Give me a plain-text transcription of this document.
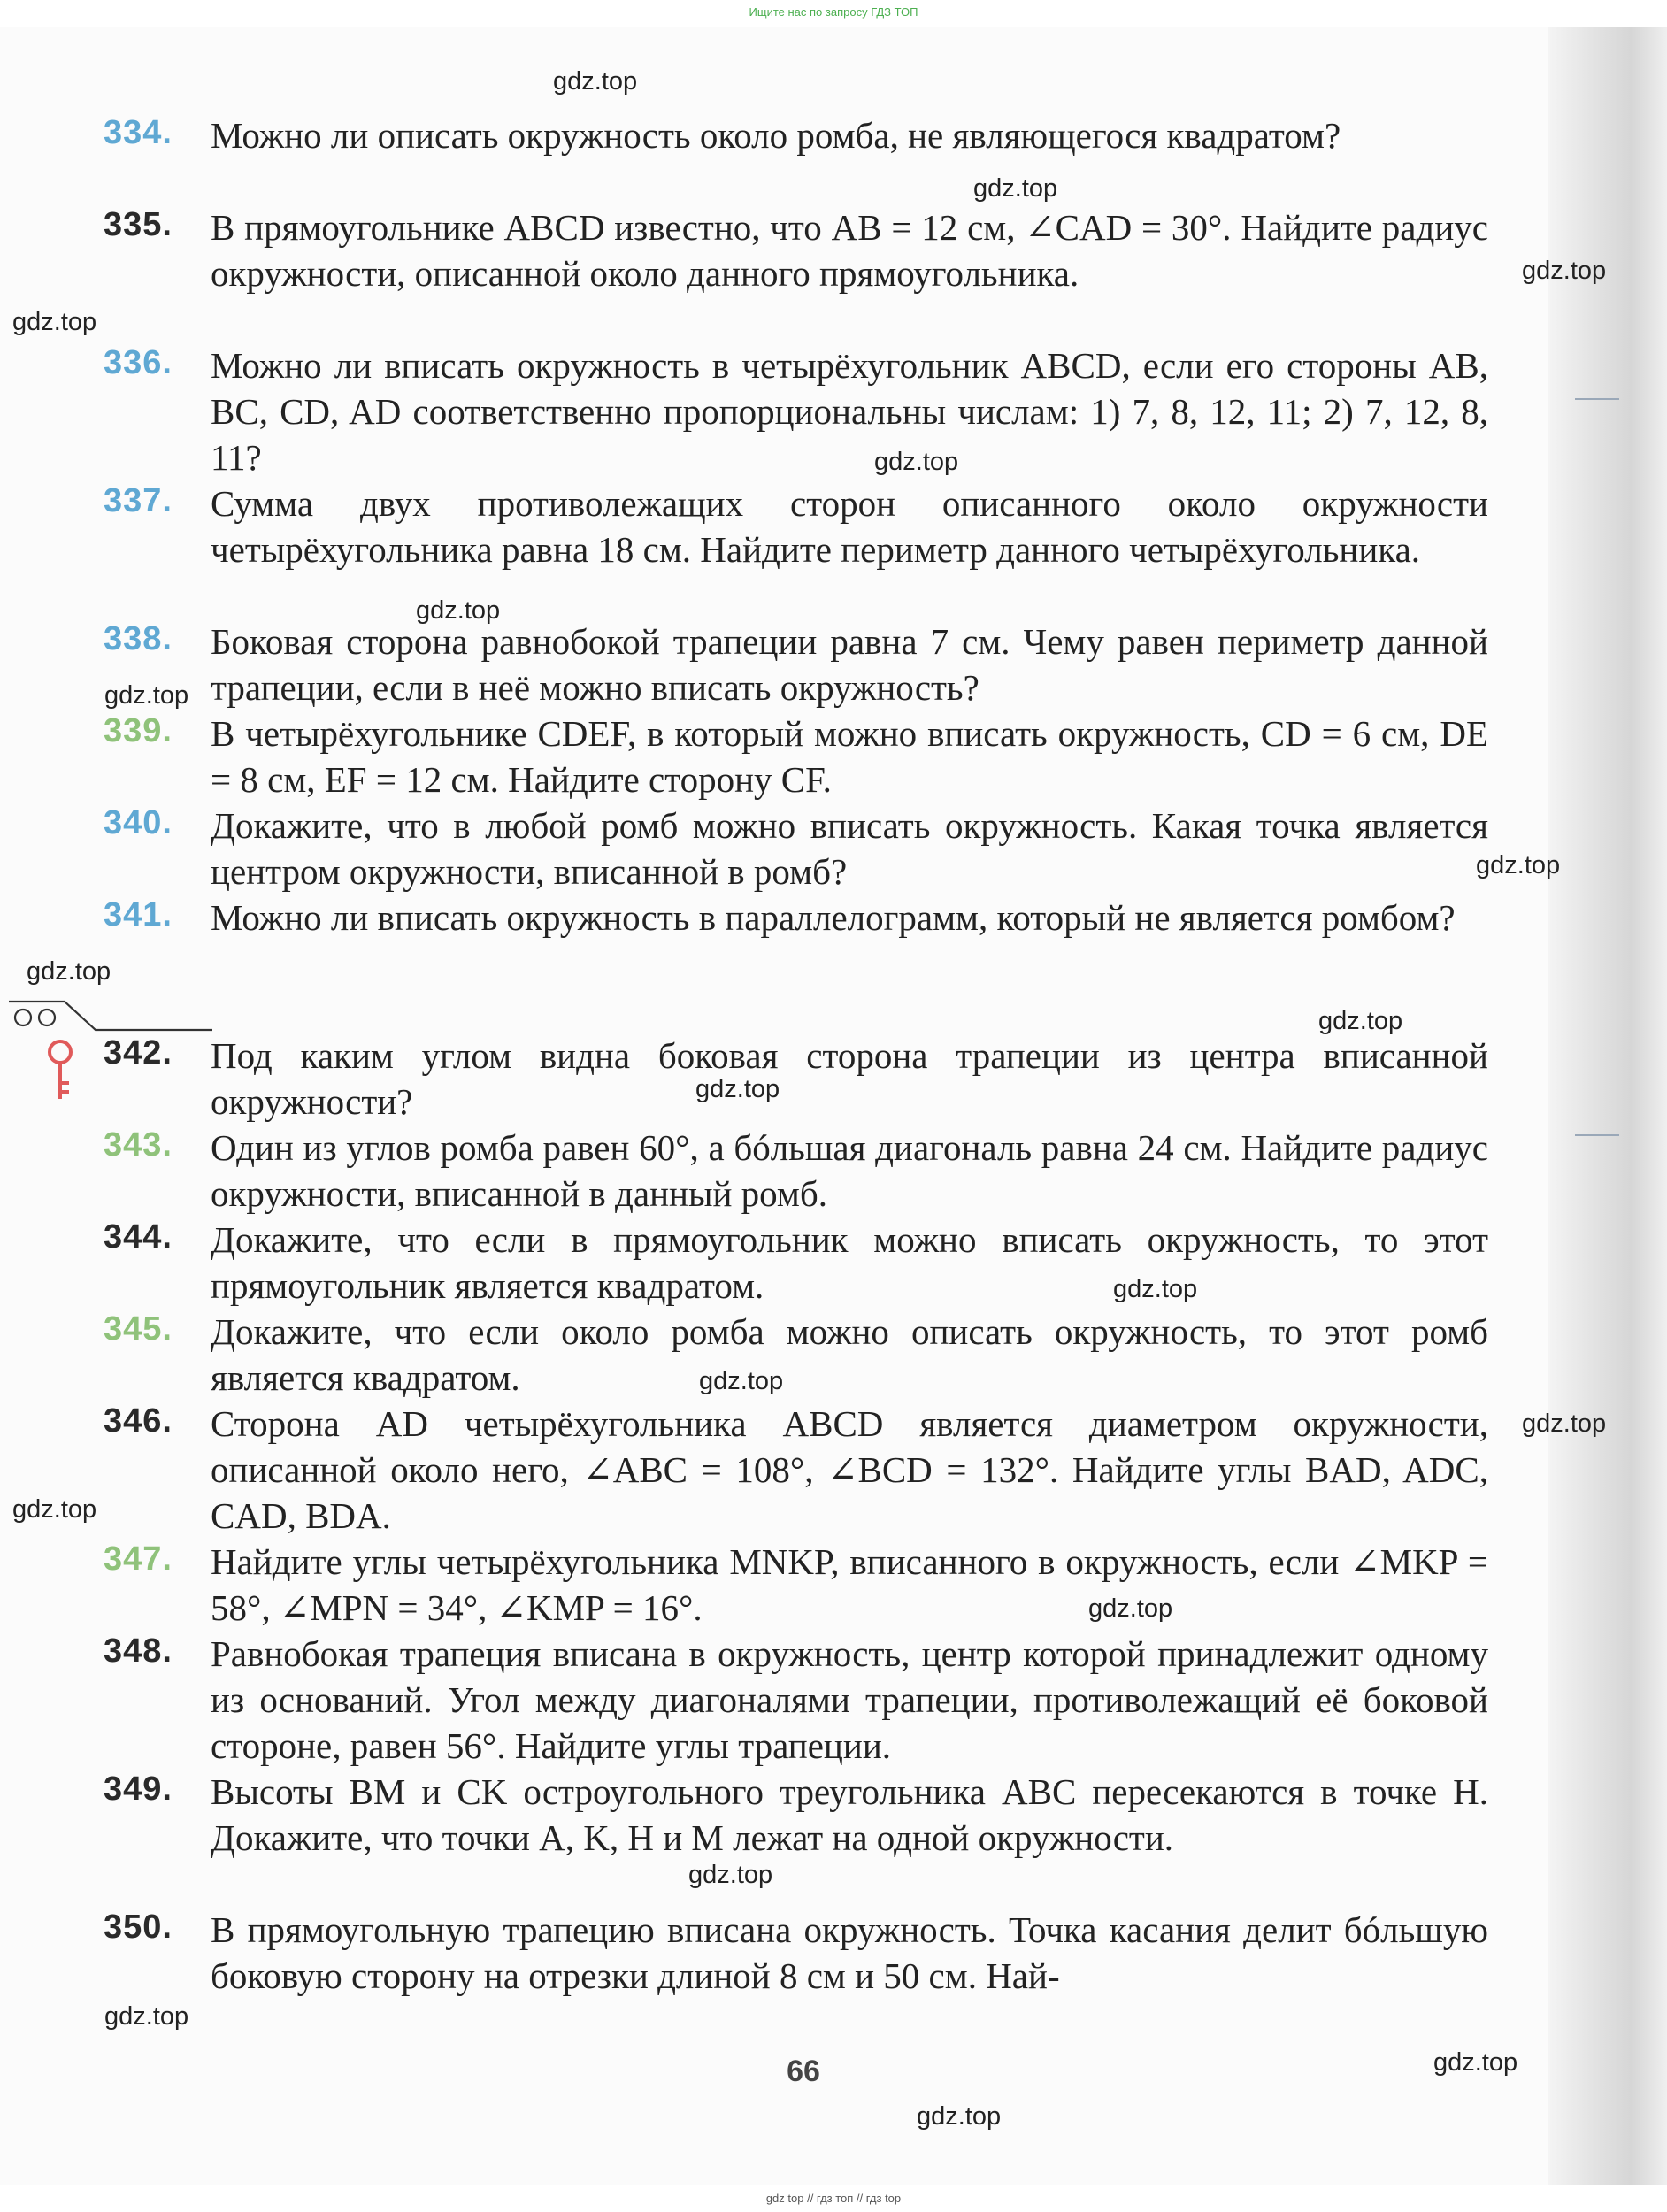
Ищите нас по запросу ГДЗ ТОП
334.	Можно ли описать окружность около ромба, не являющегося квадратом?
335.	В прямоугольнике ABCD известно, что AB = 12 см, ∠CAD = 30°. Найдите радиус окружности, описанной около данного прямоугольника.
336.	Можно ли вписать окружность в четырёхугольник ABCD, если его стороны AB, BC, CD, AD соответственно пропорциональны числам: 1) 7, 8, 12, 11; 2) 7, 12, 8, 11?
337.	Сумма двух противолежащих сторон описанного около окружности четырёхугольника равна 18 см. Найдите периметр данного четырёхугольника.
338.	Боковая сторона равнобокой трапеции равна 7 см. Чему равен периметр данной трапеции, если в неё можно вписать окружность?
339.	В четырёхугольнике CDEF, в который можно вписать окружность, CD = 6 см, DE = 8 см, EF = 12 см. Найдите сторону CF.
340.	Докажите, что в любой ромб можно вписать окружность. Какая точка является центром окружности, вписанной в ромб?
341.	Можно ли вписать окружность в параллелограмм, который не является ромбом?
342.	Под каким углом видна боковая сторона трапеции из центра вписанной окружности?
343.	Один из углов ромба равен 60°, а бóльшая диагональ равна 24 см. Найдите радиус окружности, вписанной в данный ромб.
344.	Докажите, что если в прямоугольник можно вписать окружность, то этот прямоугольник является квадратом.
345.	Докажите, что если около ромба можно описать окружность, то этот ромб является квадратом.
346.	Сторона AD четырёхугольника ABCD является диаметром окружности, описанной около него, ∠ABC = 108°, ∠BCD = 132°. Найдите углы BAD, ADC, CAD, BDA.
347.	Найдите углы четырёхугольника MNKP, вписанного в окружность, если ∠MKP = 58°, ∠MPN = 34°, ∠KMP = 16°.
348.	Равнобокая трапеция вписана в окружность, центр которой принадлежит одному из оснований. Угол между диагоналями трапеции, противолежащий её боковой стороне, равен 56°. Найдите углы трапеции.
349.	Высоты BM и CK остроугольного треугольника ABC пересекаются в точке H. Докажите, что точки A, K, H и M лежат на одной окружности.
350.	В прямоугольную трапецию вписана окружность. Точка касания делит бóльшую боковую сторону на отрезки длиной 8 см и 50 см. Най-
66
gdz.top
gdz.top
gdz.top
gdz.top
gdz.top
gdz.top
gdz.top
gdz.top
gdz.top
gdz.top
gdz.top
gdz.top
gdz.top
gdz.top
gdz.top
gdz.top
gdz.top
gdz.top
gdz.top
gdz.top
gdz top // гдз топ // гдз top
